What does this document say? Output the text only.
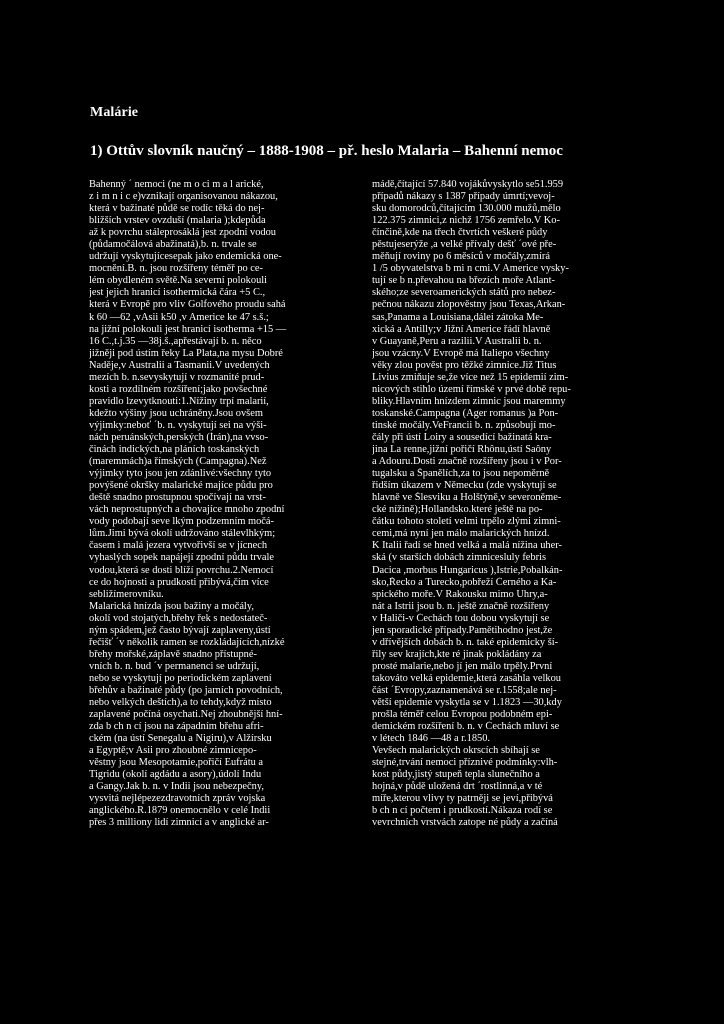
Malárie
1) Ottův slovník naučný – 1888-1908 – př. heslo Malaria – Bahenní nemoc
Bahenný ´ nemoci (ne m o ci m a l arické,
z i m n i c e)vznikají organisovanou nákazou,
která v bažinaté půdě se rodíc těká do nej-
bližších vrstev ovzduší (malaria );kdepůda
až k povrchu stáleprosáklá jest zpodní vodou
(půdamočálová abažinatá),b. n. trvale se
udržují vyskytujícesepak jako endemická one-
mocnění.B. n. jsou rozšířeny téměř po ce-
lém obydleném světě.Na severní polokouli
jest jejich hranicí isothermická čára +5 C.,
která v Evropě pro vliv Golfového proudu sahá
k 60 —62 ,vAsii k50 ,v Americe ke 47 s.š.;
na jižní polokouli jest hranicí isotherma +15 —
16 C.,t.j.35 —38j.š.,apřestávají b. n. něco
jižněji pod ústím řeky La Plata,na mysu Dobré
Naděje,v Australii a Tasmanii.V uvedených
mezích b. n.sevyskytují v rozmanité prud-
kosti a rozdílném rozšíření;jako povšechné
pravidlo lzevytknouti:1.Nížiny trpí malarií,
kdežto výšiny jsou uchráněny.Jsou ovšem
výjimky:neboť ´b. n. vyskytují sei na výši-
nách peruánských,perských (Írán),na vvso-
činách indických,na pláních toskanských
(maremmách)a římských (Campagna).Než
výjimky tyto jsou jen zdánlivé:všechny tyto
povýšené okršky malarické majíce půdu pro
deště snadno prostupnou spočívají na vrst-
vách neprostupných a chovajíce mnoho zpodní
vody podobají seve lkým podzemním močá-
lům.Jimi bývá okolí udržováno stálevlhkým;
časem i malá jezera vytvořivší se v jícnech
vyhaslých sopek napájejí zpodní půdu trvale
vodou,která se dosti blíží povrchu.2.Nemocí
ce do hojnosti a prudkosti přibývá,čím více
sebližímerovníku.
Malarická hnízda jsou bažiny a močály,
okolí vod stojatých,břehy řek s nedostateč-
ným spádem,jež často bývají zaplaveny,ústí
řečišť ´v několik ramen se rozkládajících,nízké
břehy mořské,záplavě snadno přístupné-
vních b. n. bud ´v permanenci se udržují,
nebo se vyskytují po periodickém zaplavení
břehův a bažinaté půdy (po jarních povodních,
nebo velkých deštích),a to tehdy,když místo
zaplavené počíná osychati.Nej zhoubnější hní-
zda b ch n cí jsou na západním břehu afri-
ckém (na ústí Senegalu a Nigiru),v Alžírsku
a Egyptě;v Asii pro zhoubné zimnicepo-
věstny jsou Mesopotamie,pořičí Eufrátu a
Tigridu (okolí agdádu a asory),údolí Indu
a Gangy.Jak b. n. v Indii jsou nebezpečny,
vysvitá nejlépezezdravotních zpráv vojska
anglického.R.1879 onemocnělo v celé Indii
přes 3 milliony lidí zimnicí a v anglické ar-
mádě,čítající 57.840 vojákůvyskytlo se51.959
případů nákazy s 1387 případy úmrtí;vevoj-
sku domorodců,čítajícím 130.000 mužů,mělo
122.375 zimnici,z nichž 1756 zemřelo.V Ko-
čínčině,kde na třech čtvrtích veškeré půdy
pěstujeserýže ,a velké přívaly dešť ´ové pře-
měňují roviny po 6 měsíců v močály,zmírá
1 /5 obyvatelstva b mi n cmi.V Americe vysky-
tují se b n.převahou na březích moře Atlant-
ského;ze severoamerických států pro nebez-
pečnou nákazu zlopověstny jsou Texas,Arkan-
sas,Panama a Louisiana,dálei zátoka Me-
xická a Antilly;v Jižní Americe řádí hlavně
v Guayaně,Peru a razilii.V Australii b. n.
jsou vzácny.V Evropě má Italiepo všechny
věky zlou pověst pro těžké zimnice.Již Titus
Livius zmiňuje se,že více než 15 epidemií zim-
nicových stihlo území římské v prvé době repu-
bliky.Hlavním hnízdem zimnic jsou maremmy
toskanské.Campagna (Ager romanus )a Pon-
tinské močály.VeFrancii b. n. způsobují mo-
čály při ústí Loiry a sousedící bažinatá kra-
jina La renne,jižní pořičí Rhônu,ústí Saôny
a Adouru.Dosti značně rozšířeny jsou i v Por-
tugalsku a Španělích,za to jsou nepoměrně
řidším úkazem v Německu (zde vyskytují se
hlavně ve Šlesviku a Holštýně,v severoněme-
cké nížině);Hollandsko.které ještě na po-
čátku tohoto století velmi trpělo zlými zimni-
cemi,má nyní jen málo malarických hnízd.
K Italii řadí se hned velká a malá nížina uher-
ská (v starších dobách zimnicesluly febris
Dacica ,morbus Hungaricus ),Istrie,Pobalkán-
sko,Řecko a Turecko,pobřeží Černého a Ka-
spického moře.V Rakousku mimo Uhry,a-
nát a Istrii jsou b. n. ještě značně rozšířeny
v Haliči-v Čechách tou dobou vyskytují se
jen sporadické případy.Pamětihodno jest,že
v dřívějších dobách b. n. také epidemicky ší-
řily sev krajích,kte ré jinak pokládány za
prosté malarie,nebo jí jen málo trpěly.První
takováto velká epidemie,která zasáhla velkou
část ´Evropy,zaznamenává se r.1558;ale nej-
větší epidemie vyskytla se v 1.1823 —30,kdy
prošla téměř celou Evropou podobném epi-
demickém rozšíření b. n. v Čechách mluví se
v létech 1846 —48 a r.1850.
Vevšech malarických okrscích sbíhají se
stejné,trvání nemoci příznivé podmínky:vlh-
kost půdy,jistý stupeň tepla slunečního a
hojná,v půdě uložená drt ´rostlinná,a v té
míře,kterou vlivy ty patrněji se jeví,přibývá
b ch n cí počtem i prudkostí.Nákaza rodí se
vevrchních vrstvách zatope né půdy a začíná
